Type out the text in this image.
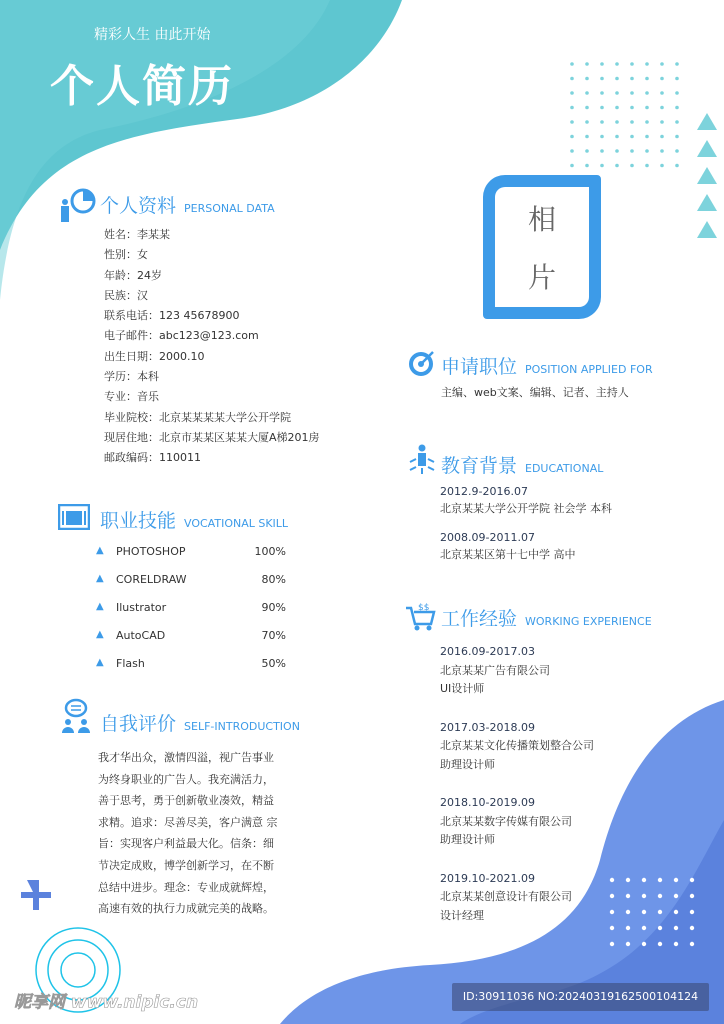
精彩人生 由此开始
个人简历
相
片
个人资料 PERSONAL DATA
姓名：李某某
性别：女
年龄：24岁
民族：汉
联系电话：123 45678900
电子邮件：abc123@123.com
出生日期：2000.10
学历：本科
专业：音乐
毕业院校：北京某某某某大学公开学院
现居住地：北京市某某区某某大厦A梯201房
邮政编码：110011
职业技能 VOCATIONAL SKILL
▲	PHOTOSHOP	100%
▲	CORELDRAW	80%
▲	Ilustrator	90%
▲	AutoCAD	70%
▲	Flash	50%
自我评价 SELF-INTRODUCTION
我才华出众，激情四溢，视广告事业
为终身职业的广告人。我充满活力，
善于思考，勇于创新敬业凑效，精益
求精。追求：尽善尽美，客户满意 宗
旨：实现客户利益最大化。信条：细
节决定成败，博学创新学习，在不断
总结中进步。理念：专业成就辉煌，
高速有效的执行力成就完美的战略。
申请职位 POSITION APPLIED FOR
主编、web文案、编辑、记者、主持人
教育背景 EDUCATIONAL
2012.9-2016.07
北京某某大学公开学院 社会学 本科
2008.09-2011.07
北京某某区第十七中学 高中
$$ 工作经验 WORKING EXPERIENCE
2016.09-2017.03
北京某某广告有限公司
UI设计师
2017.03-2018.09
北京某某文化传播策划整合公司
助理设计师
2018.10-2019.09
北京某某数字传媒有限公司
助理设计师
2019.10-2021.09
北京某某创意设计有限公司
设计经理
昵享网 www.nipic.cn	ID:30911036 NO:20240319162500104124
